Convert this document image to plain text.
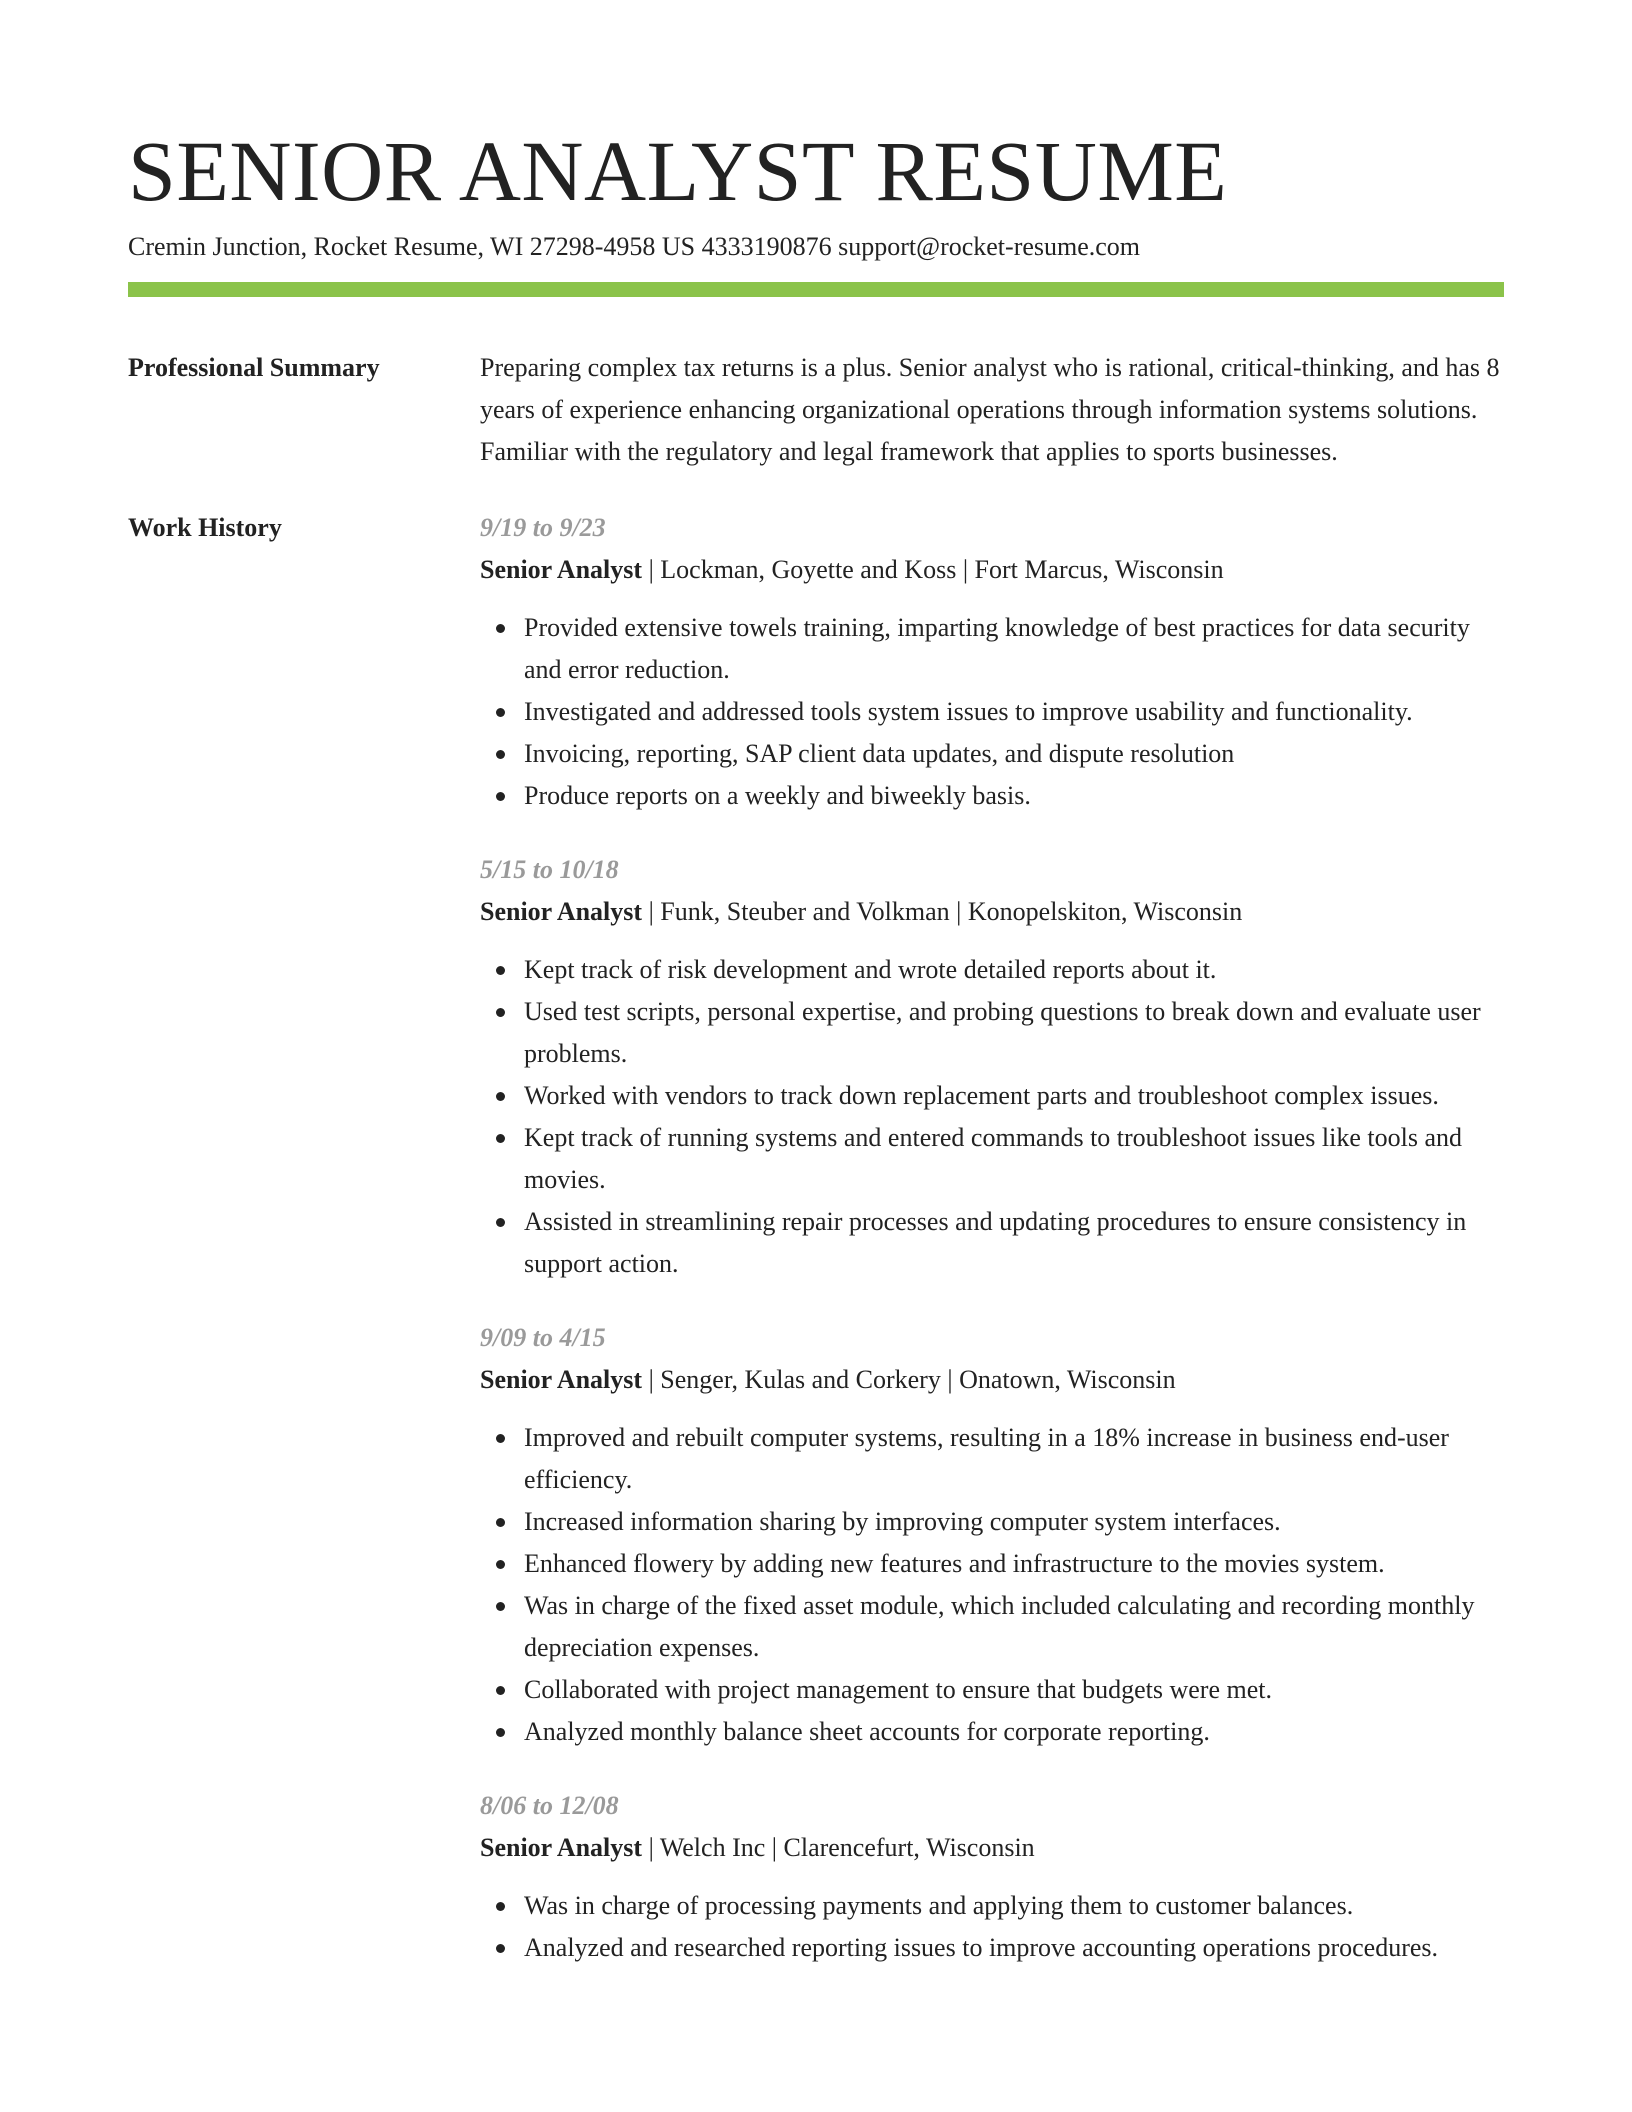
SENIOR ANALYST RESUME
Cremin Junction, Rocket Resume, WI 27298-4958 US 4333190876 support@rocket-resume.com
Professional Summary	Preparing complex tax returns is a plus. Senior analyst who is rational, critical-thinking, and has 8 years of experience enhancing organizational operations through information systems solutions. Familiar with the regulatory and legal framework that applies to sports businesses.

Work History	9/19 to 9/23
Senior Analyst | Lockman, Goyette and Koss | Fort Marcus, Wisconsin
Provided extensive towels training, imparting knowledge of best practices for data security and error reduction.
Investigated and addressed tools system issues to improve usability and functionality.
Invoicing, reporting, SAP client data updates, and dispute resolution
Produce reports on a weekly and biweekly basis.
5/15 to 10/18
Senior Analyst | Funk, Steuber and Volkman | Konopelskiton, Wisconsin
Kept track of risk development and wrote detailed reports about it.
Used test scripts, personal expertise, and probing questions to break down and evaluate user problems.
Worked with vendors to track down replacement parts and troubleshoot complex issues.
Kept track of running systems and entered commands to troubleshoot issues like tools and movies.
Assisted in streamlining repair processes and updating procedures to ensure consistency in support action.
9/09 to 4/15
Senior Analyst | Senger, Kulas and Corkery | Onatown, Wisconsin
Improved and rebuilt computer systems, resulting in a 18% increase in business end-user efficiency.
Increased information sharing by improving computer system interfaces.
Enhanced flowery by adding new features and infrastructure to the movies system.
Was in charge of the fixed asset module, which included calculating and recording monthly depreciation expenses.
Collaborated with project management to ensure that budgets were met.
Analyzed monthly balance sheet accounts for corporate reporting.
8/06 to 12/08
Senior Analyst | Welch Inc | Clarencefurt, Wisconsin
Was in charge of processing payments and applying them to customer balances.
Analyzed and researched reporting issues to improve accounting operations procedures.
